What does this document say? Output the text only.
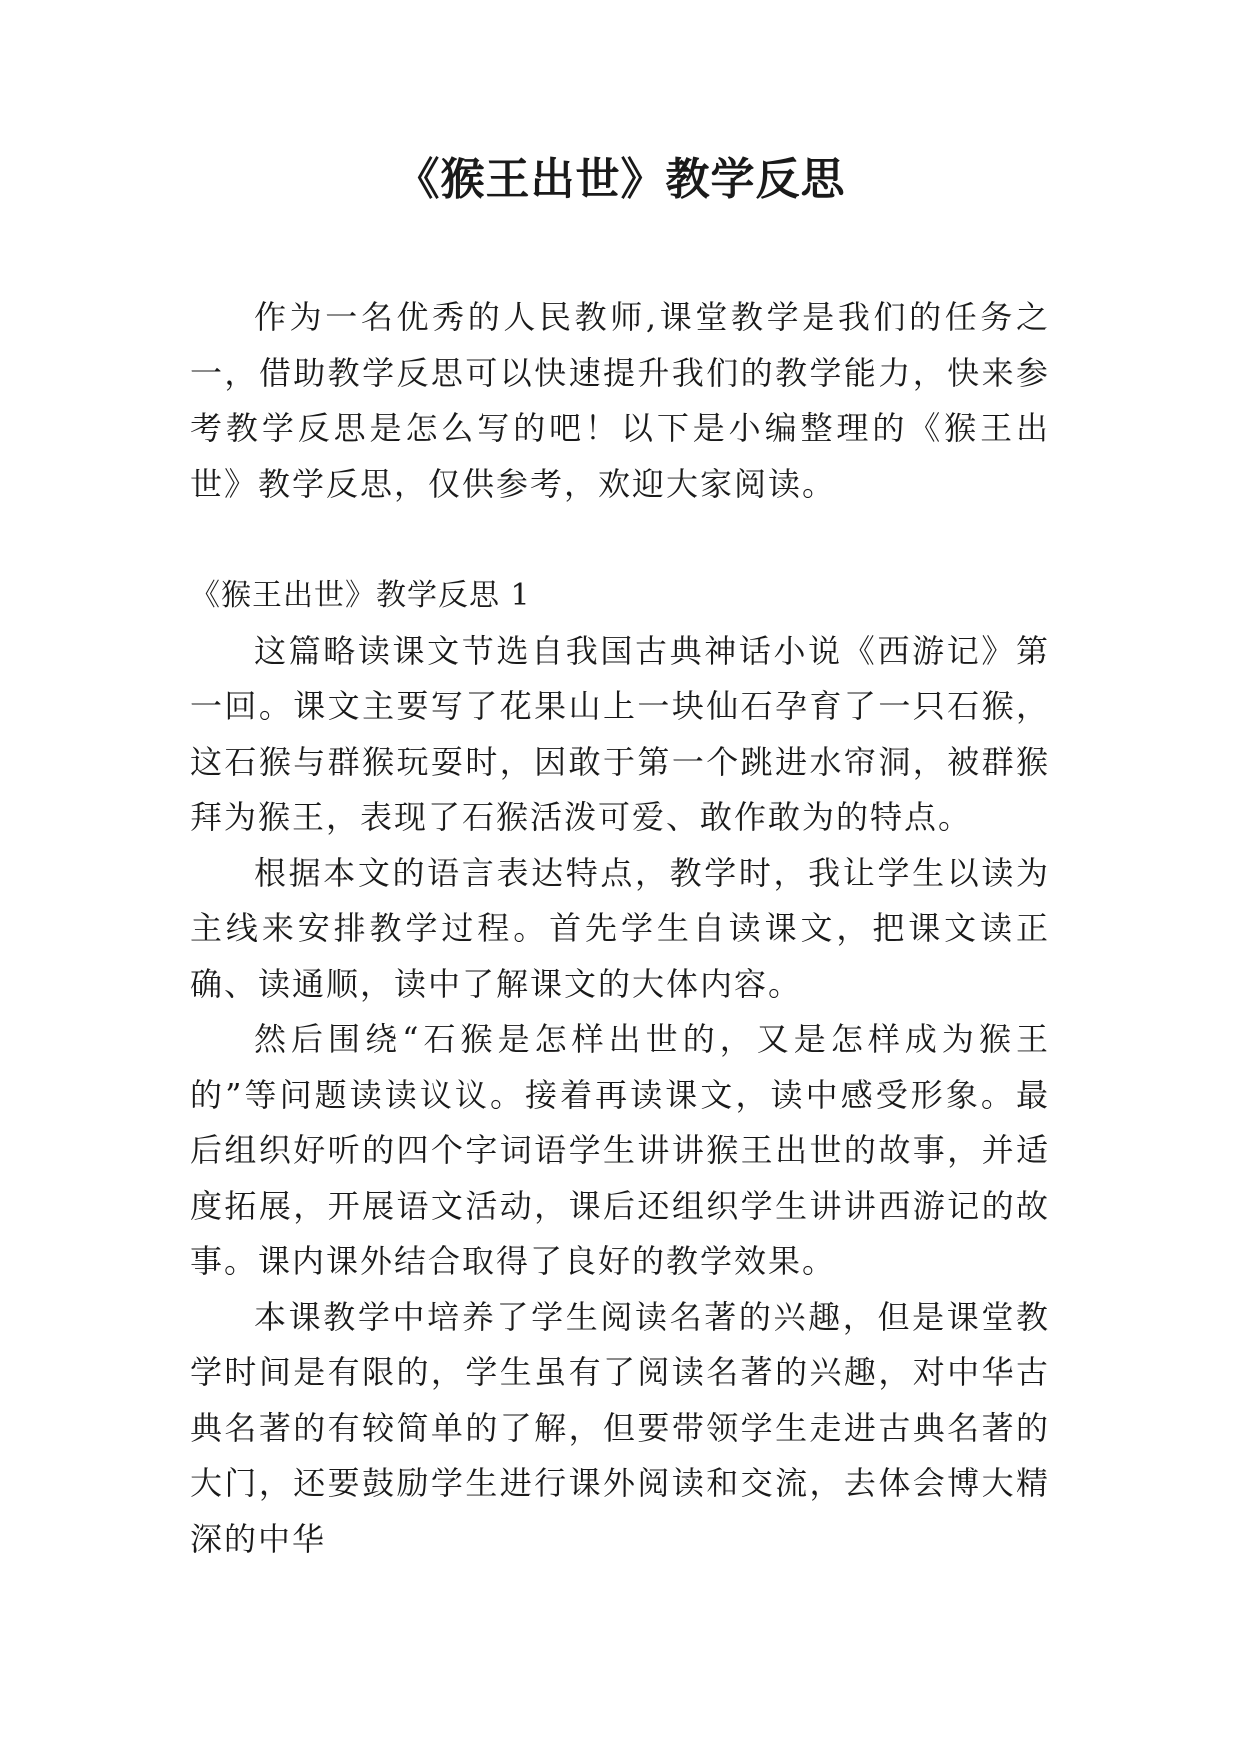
《猴王出世》教学反思

作为一名优秀的人民教师,课堂教学是我们的任务之一，借助教学反思可以快速提升我们的教学能力，快来参考教学反思是怎么写的吧！以下是小编整理的《猴王出世》教学反思，仅供参考，欢迎大家阅读。

《猴王出世》教学反思 1

这篇略读课文节选自我国古典神话小说《西游记》第一回。课文主要写了花果山上一块仙石孕育了一只石猴，这石猴与群猴玩耍时，因敢于第一个跳进水帘洞，被群猴拜为猴王，表现了石猴活泼可爱、敢作敢为的特点。

根据本文的语言表达特点，教学时，我让学生以读为主线来安排教学过程。首先学生自读课文，把课文读正确、读通顺，读中了解课文的大体内容。

然后围绕“石猴是怎样出世的，又是怎样成为猴王的”等问题读读议议。接着再读课文，读中感受形象。最后组织好听的四个字词语学生讲讲猴王出世的故事，并适度拓展，开展语文活动，课后还组织学生讲讲西游记的故事。课内课外结合取得了良好的教学效果。

本课教学中培养了学生阅读名著的兴趣，但是课堂教学时间是有限的，学生虽有了阅读名著的兴趣，对中华古典名著的有较简单的了解，但要带领学生走进古典名著的大门，还要鼓励学生进行课外阅读和交流，去体会博大精深的中华
